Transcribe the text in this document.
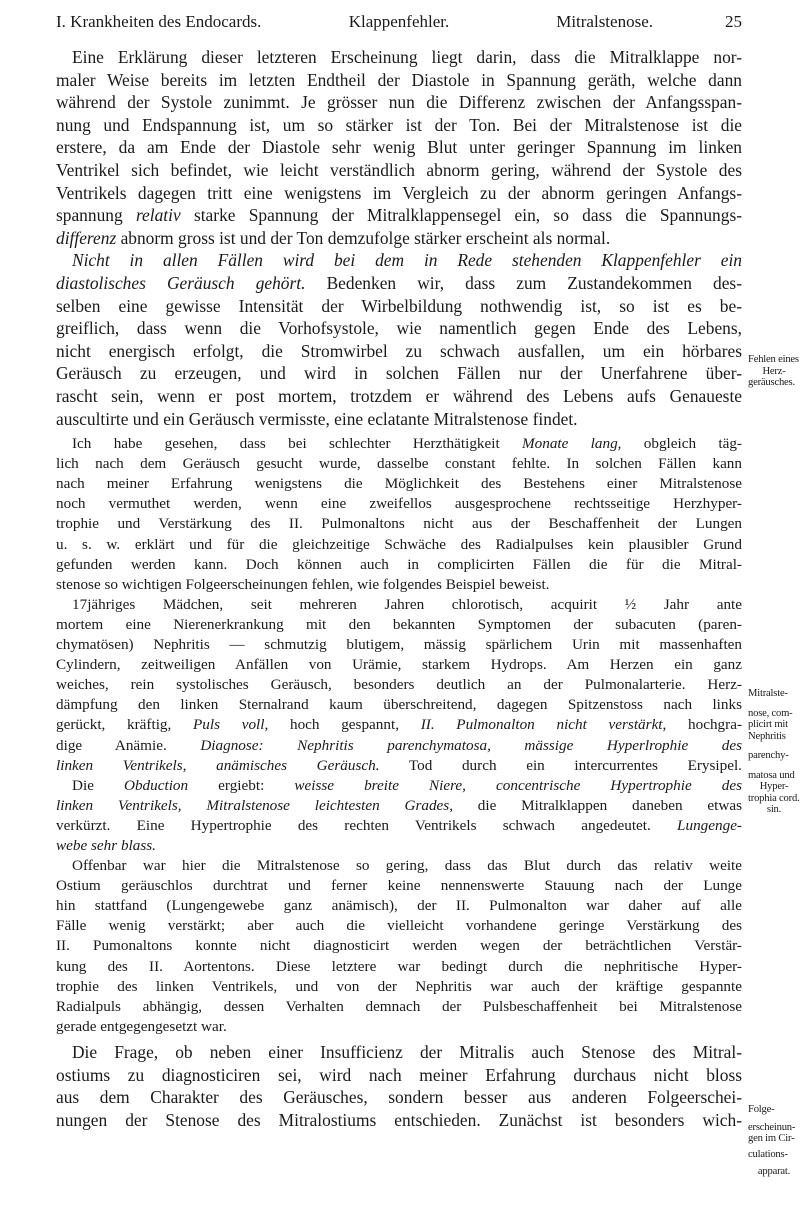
I. Krankheiten des Endocards.	Klappenfehler.	Mitralstenose.	25
Eine Erklärung dieser letzteren Erscheinung liegt darin, dass die Mitralklappe nor-
maler Weise bereits im letzten Endtheil der Diastole in Spannung geräth, welche dann
während der Systole zunimmt. Je grösser nun die Differenz zwischen der Anfangsspan-
nung und Endspannung ist, um so stärker ist der Ton. Bei der Mitralstenose ist die
erstere, da am Ende der Diastole sehr wenig Blut unter geringer Spannung im linken
Ventrikel sich befindet, wie leicht verständlich abnorm gering, während der Systole des
Ventrikels dagegen tritt eine wenigstens im Vergleich zu der abnorm geringen Anfangs-
spannung relativ starke Spannung der Mitralklappensegel ein, so dass die Spannungs-
differenz abnorm gross ist und der Ton demzufolge stärker erscheint als normal.
Nicht in allen Fällen wird bei dem in Rede stehenden Klappenfehler ein
diastolisches Geräusch gehört. Bedenken wir, dass zum Zustandekommen des-
selben eine gewisse Intensität der Wirbelbildung nothwendig ist, so ist es be-
greiflich, dass wenn die Vorhofsystole, wie namentlich gegen Ende des Lebens,
nicht energisch erfolgt, die Stromwirbel zu schwach ausfallen, um ein hörbares
Geräusch zu erzeugen, und wird in solchen Fällen nur der Unerfahrene über-
rascht sein, wenn er post mortem, trotzdem er während des Lebens aufs Genaueste
auscultirte und ein Geräusch vermisste, eine eclatante Mitralstenose findet.
Ich habe gesehen, dass bei schlechter Herzthätigkeit Monate lang, obgleich täg-
lich nach dem Geräusch gesucht wurde, dasselbe constant fehlte. In solchen Fällen kann
nach meiner Erfahrung wenigstens die Möglichkeit des Bestehens einer Mitralstenose
noch vermuthet werden, wenn eine zweifellos ausgesprochene rechtsseitige Herzhyper-
trophie und Verstärkung des II. Pulmonaltons nicht aus der Beschaffenheit der Lungen
u. s. w. erklärt und für die gleichzeitige Schwäche des Radialpulses kein plausibler Grund
gefunden werden kann. Doch können auch in complicirten Fällen die für die Mitral-
stenose so wichtigen Folgeerscheinungen fehlen, wie folgendes Beispiel beweist.
17jähriges Mädchen, seit mehreren Jahren chlorotisch, acquirit ½ Jahr ante
mortem eine Nierenerkrankung mit den bekannten Symptomen der subacuten (paren-
chymatösen) Nephritis — schmutzig blutigem, mässig spärlichem Urin mit massenhaften
Cylindern, zeitweiligen Anfällen von Urämie, starkem Hydrops. Am Herzen ein ganz
weiches, rein systolisches Geräusch, besonders deutlich an der Pulmonalarterie. Herz-
dämpfung den linken Sternalrand kaum überschreitend, dagegen Spitzenstoss nach links
gerückt, kräftig, Puls voll, hoch gespannt, II. Pulmonalton nicht verstärkt, hochgra-
dige Anämie. Diagnose: Nephritis parenchymatosa, mässige Hyperlrophie des
linken Ventrikels, anämisches Geräusch. Tod durch ein intercurrentes Erysipel.
Die Obduction ergiebt: weisse breite Niere, concentrische Hypertrophie des
linken Ventrikels, Mitralstenose leichtesten Grades, die Mitralklappen daneben etwas
verkürzt. Eine Hypertrophie des rechten Ventrikels schwach angedeutet. Lungenge-
webe sehr blass.
Offenbar war hier die Mitralstenose so gering, dass das Blut durch das relativ weite
Ostium geräuschlos durchtrat und ferner keine nennenswerte Stauung nach der Lunge
hin stattfand (Lungengewebe ganz anämisch), der II. Pulmonalton war daher auf alle
Fälle wenig verstärkt; aber auch die vielleicht vorhandene geringe Verstärkung des
II. Pumonaltons konnte nicht diagnosticirt werden wegen der beträchtlichen Verstär-
kung des II. Aortentons. Diese letztere war bedingt durch die nephritische Hyper-
trophie des linken Ventrikels, und von der Nephritis war auch der kräftige gespannte
Radialpuls abhängig, dessen Verhalten demnach der Pulsbeschaffenheit bei Mitralstenose
gerade entgegengesetzt war.
Die Frage, ob neben einer Insufficienz der Mitralis auch Stenose des Mitral-
ostiums zu diagnosticiren sei, wird nach meiner Erfahrung durchaus nicht bloss
aus dem Charakter des Geräusches, sondern besser aus anderen Folgeerschei-
nungen der Stenose des Mitralostiums entschieden. Zunächst ist besonders wich-
Fehlen eines
Herz-
geräusches.
Mitralste-
nose, com-
plicirt mit
Nephritis
parenchy-
matosa und
Hyper-
trophia cord.
sin.
Folge-
erscheinun-
gen im Cir-
culations-
apparat.
